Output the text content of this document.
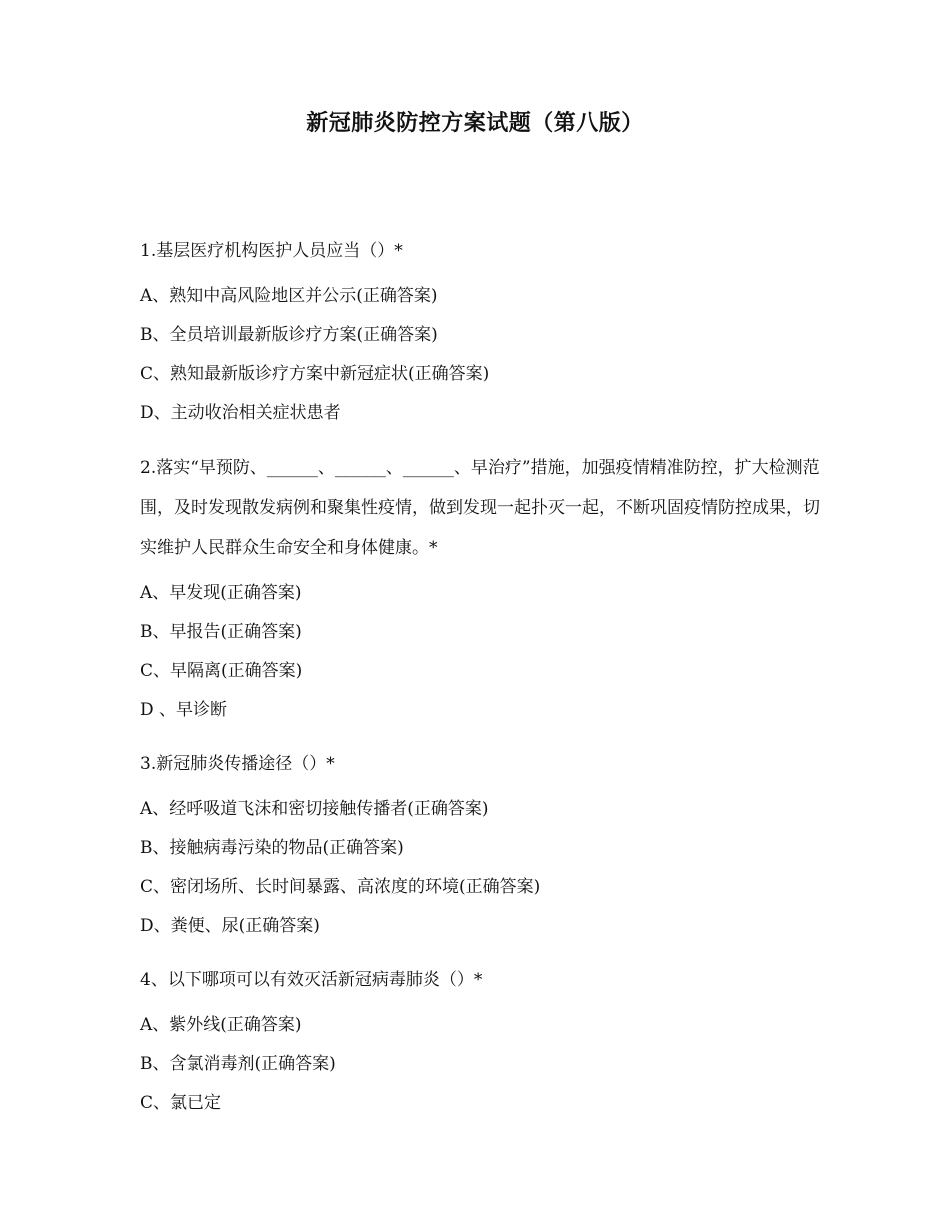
新冠肺炎防控方案试题（第八版）
1.基层医疗机构医护人员应当（）*
A、熟知中高风险地区并公示(正确答案)
B、全员培训最新版诊疗方案(正确答案)
C、熟知最新版诊疗方案中新冠症状(正确答案)
D、主动收治相关症状患者
2.落实“早预防、______、______、______、早治疗”措施，加强疫情精准防控，扩大检测范围，及时发现散发病例和聚集性疫情，做到发现一起扑灭一起，不断巩固疫情防控成果，切实维护人民群众生命安全和身体健康。*
A、早发现(正确答案)
B、早报告(正确答案)
C、早隔离(正确答案)
D 、早诊断
3.新冠肺炎传播途径（）*
A、经呼吸道飞沫和密切接触传播者(正确答案)
B、接触病毒污染的物品(正确答案)
C、密闭场所、长时间暴露、高浓度的环境(正确答案)
D、粪便、尿(正确答案)
4、以下哪项可以有效灭活新冠病毒肺炎（）*
A、紫外线(正确答案)
B、含氯消毒剂(正确答案)
C、氯已定
